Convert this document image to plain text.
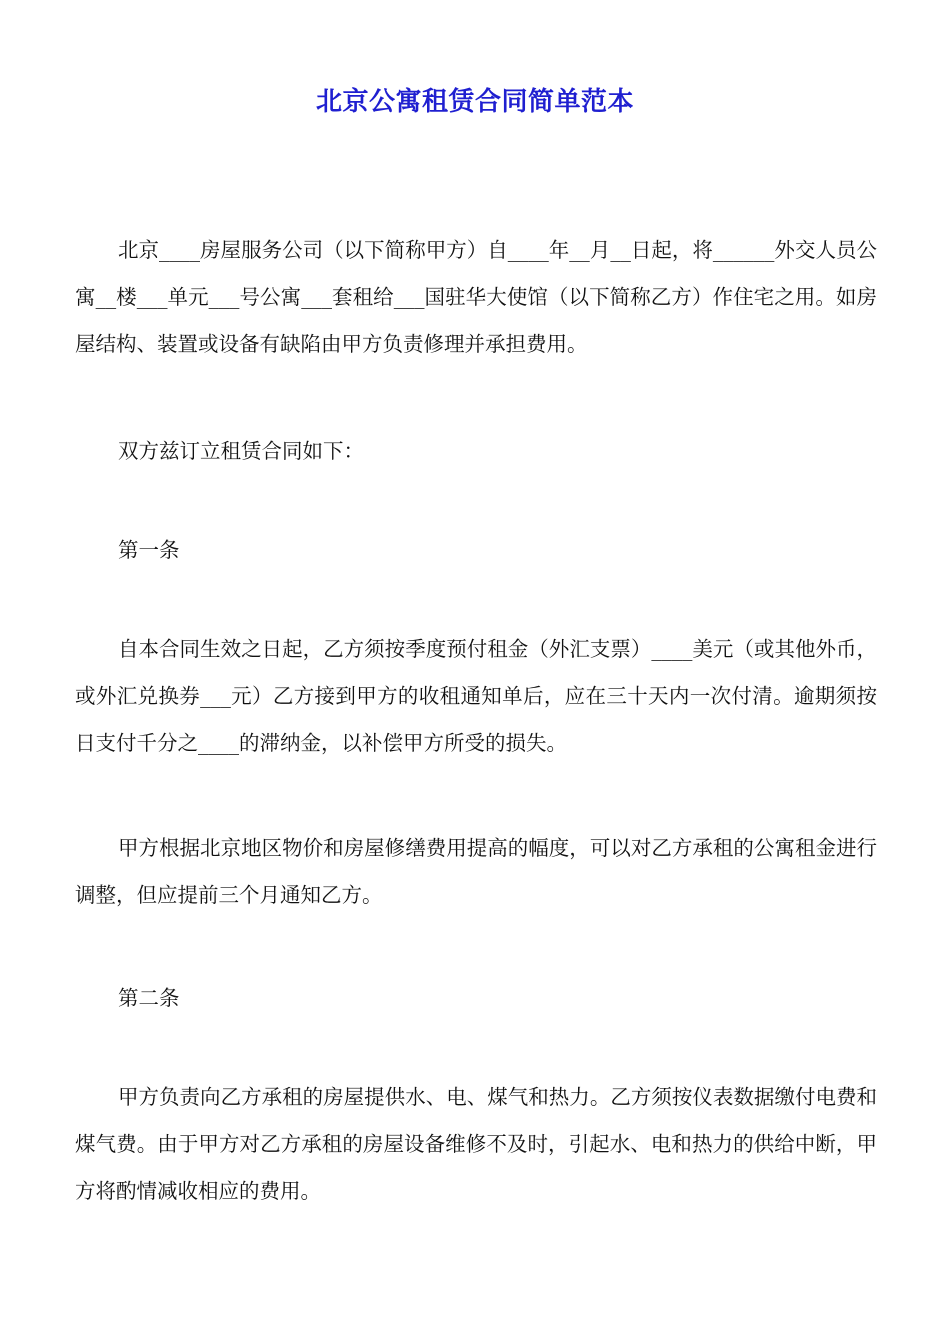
北京公寓租赁合同简单范本

北京____房屋服务公司（以下简称甲方）自____年__月__日起，将______外交人员公寓__楼___单元___号公寓___套租给___国驻华大使馆（以下简称乙方）作住宅之用。如房屋结构、装置或设备有缺陷由甲方负责修理并承担费用。

双方兹订立租赁合同如下：

第一条

自本合同生效之日起，乙方须按季度预付租金（外汇支票）____美元（或其他外币，或外汇兑换券___元）乙方接到甲方的收租通知单后，应在三十天内一次付清。逾期须按日支付千分之____的滞纳金，以补偿甲方所受的损失。

甲方根据北京地区物价和房屋修缮费用提高的幅度，可以对乙方承租的公寓租金进行调整，但应提前三个月通知乙方。

第二条

甲方负责向乙方承租的房屋提供水、电、煤气和热力。乙方须按仪表数据缴付电费和煤气费。由于甲方对乙方承租的房屋设备维修不及时，引起水、电和热力的供给中断，甲方将酌情减收相应的费用。
